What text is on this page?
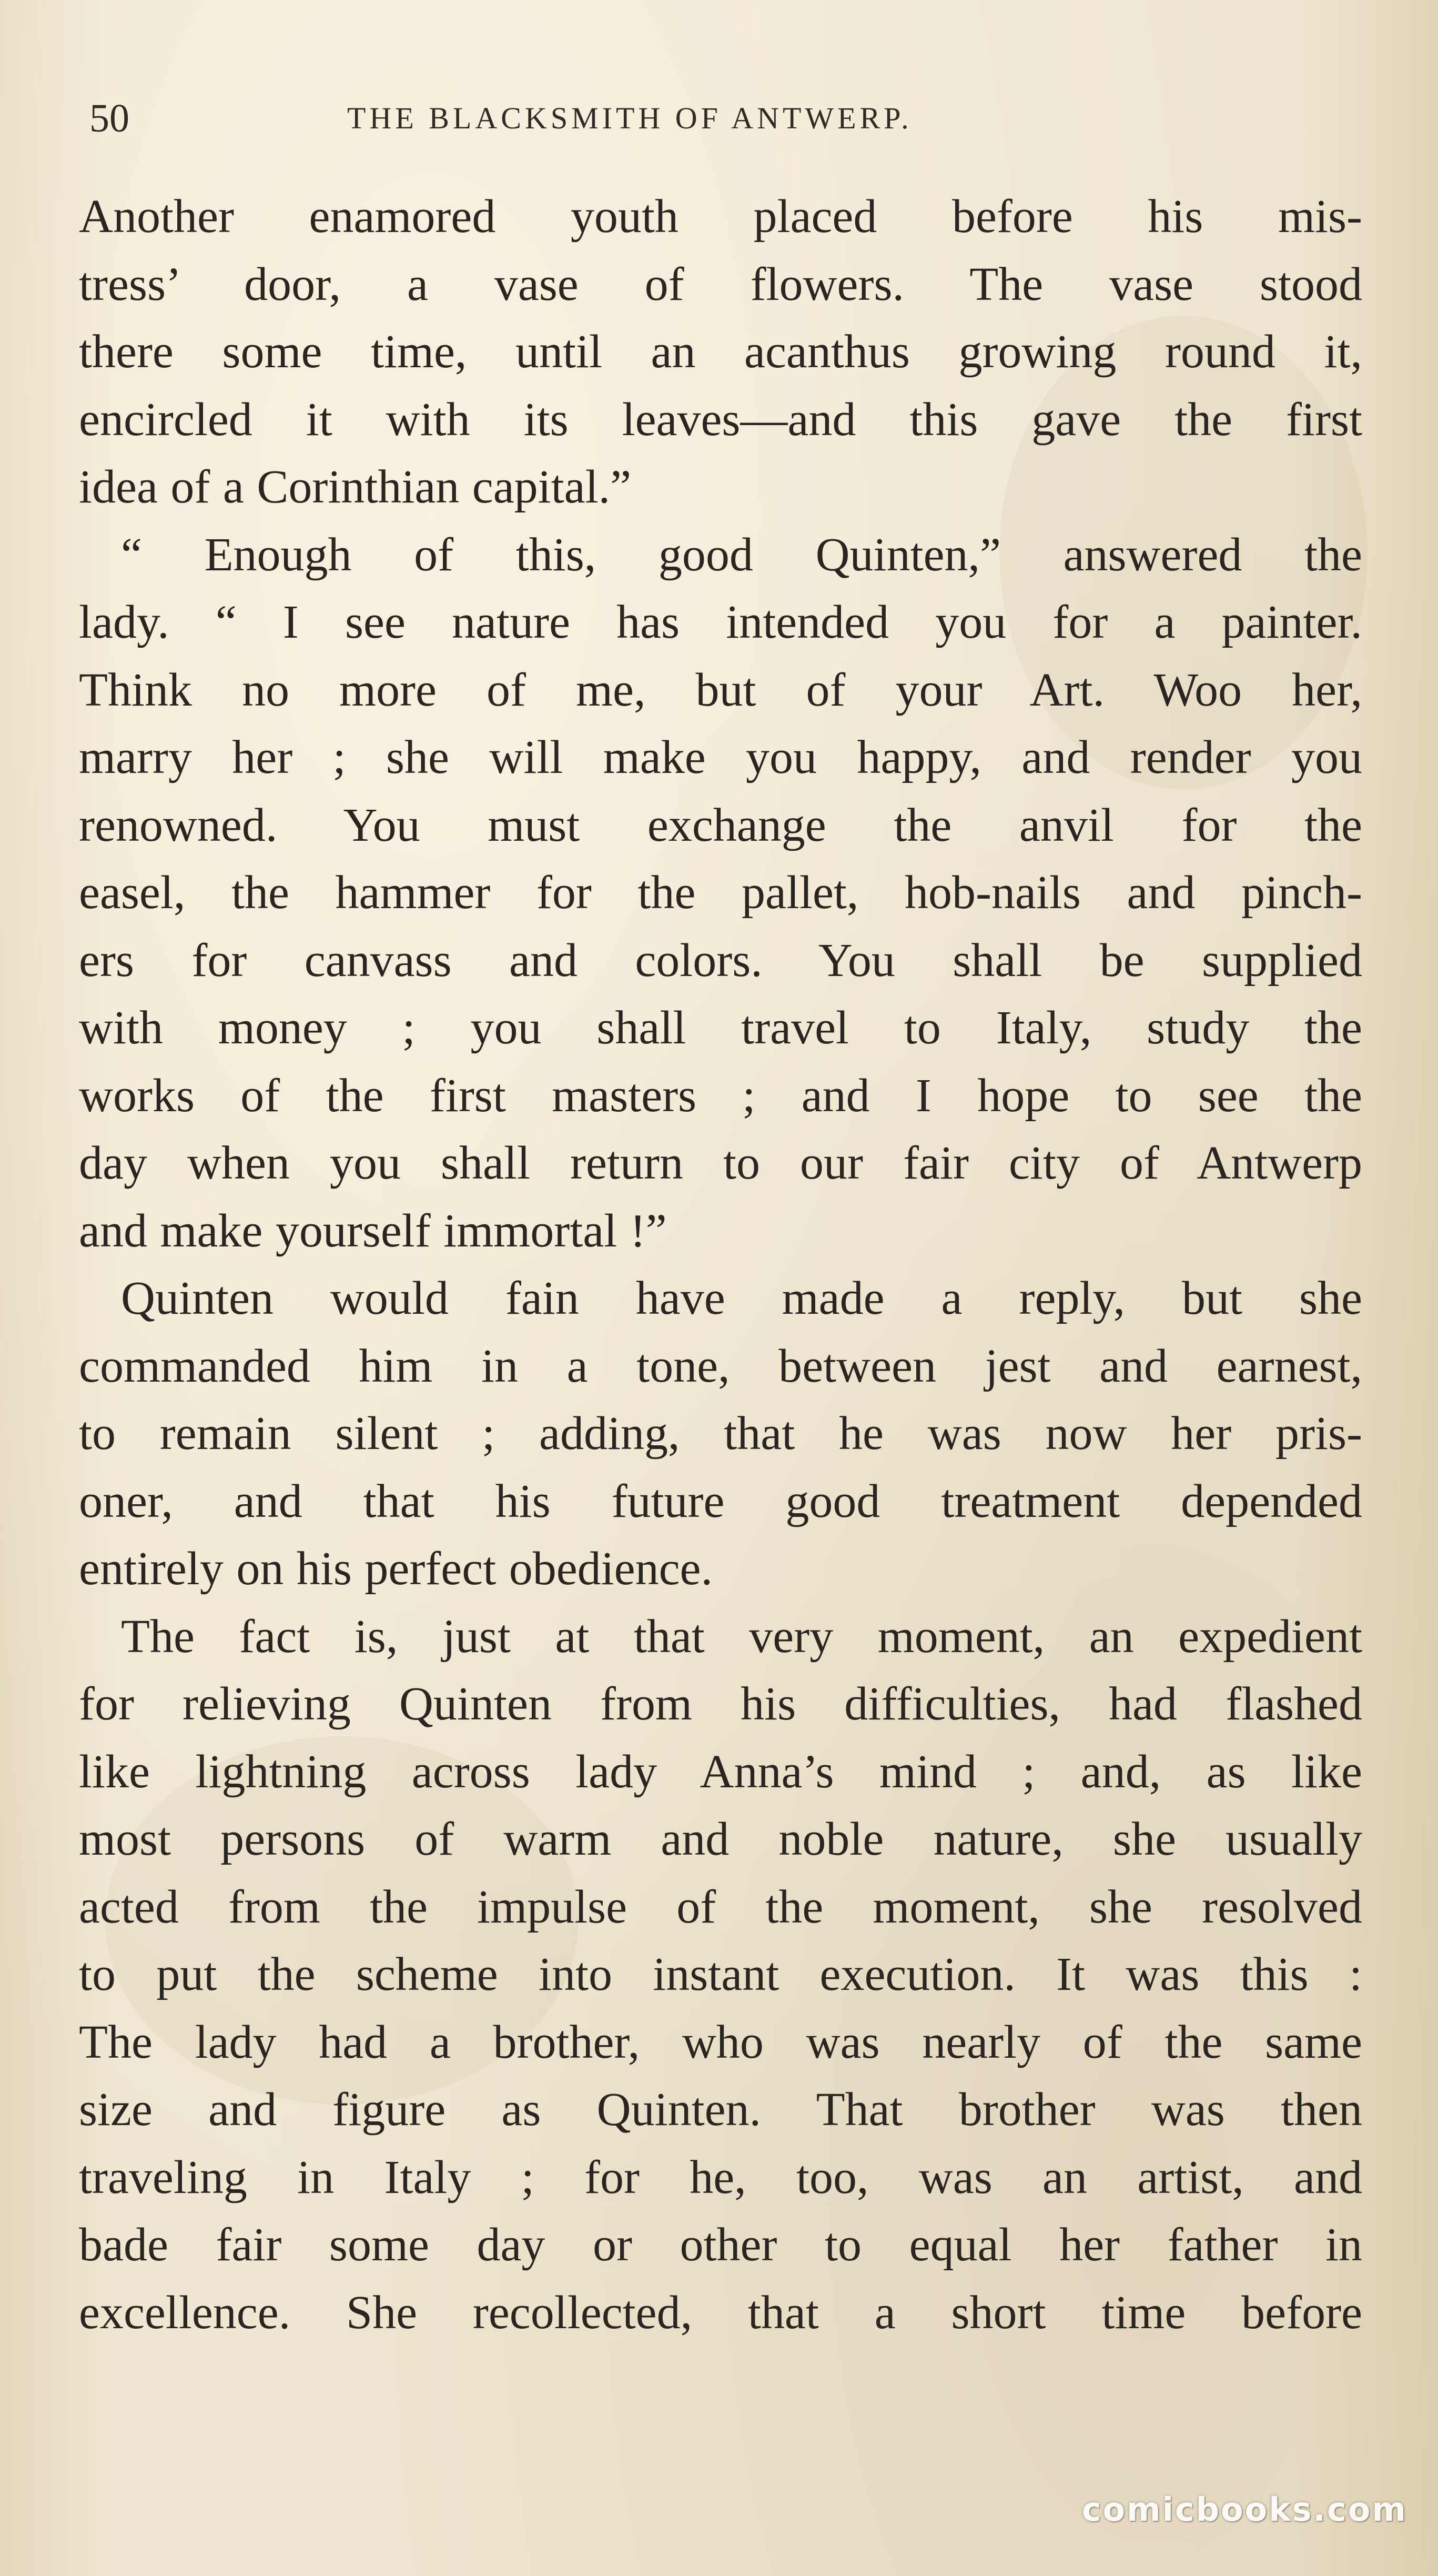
50	THE BLACKSMITH OF ANTWERP.
Another enamored youth placed before his mis-
tress’ door, a vase of flowers. The vase stood
there some time, until an acanthus growing round it,
encircled it with its leaves—and this gave the first
idea of a Corinthian capital.”
“ Enough of this, good Quinten,” answered the
lady. “ I see nature has intended you for a painter.
Think no more of me, but of your Art. Woo her,
marry her ; she will make you happy, and render you
renowned. You must exchange the anvil for the
easel, the hammer for the pallet, hob-nails and pinch-
ers for canvass and colors. You shall be supplied
with money ; you shall travel to Italy, study the
works of the first masters ; and I hope to see the
day when you shall return to our fair city of Antwerp
and make yourself immortal !”
Quinten would fain have made a reply, but she
commanded him in a tone, between jest and earnest,
to remain silent ; adding, that he was now her pris-
oner, and that his future good treatment depended
entirely on his perfect obedience.
The fact is, just at that very moment, an expedient
for relieving Quinten from his difficulties, had flashed
like lightning across lady Anna’s mind ; and, as like
most persons of warm and noble nature, she usually
acted from the impulse of the moment, she resolved
to put the scheme into instant execution. It was this :
The lady had a brother, who was nearly of the same
size and figure as Quinten. That brother was then
traveling in Italy ; for he, too, was an artist, and
bade fair some day or other to equal her father in
excellence. She recollected, that a short time before
comicbooks.com
